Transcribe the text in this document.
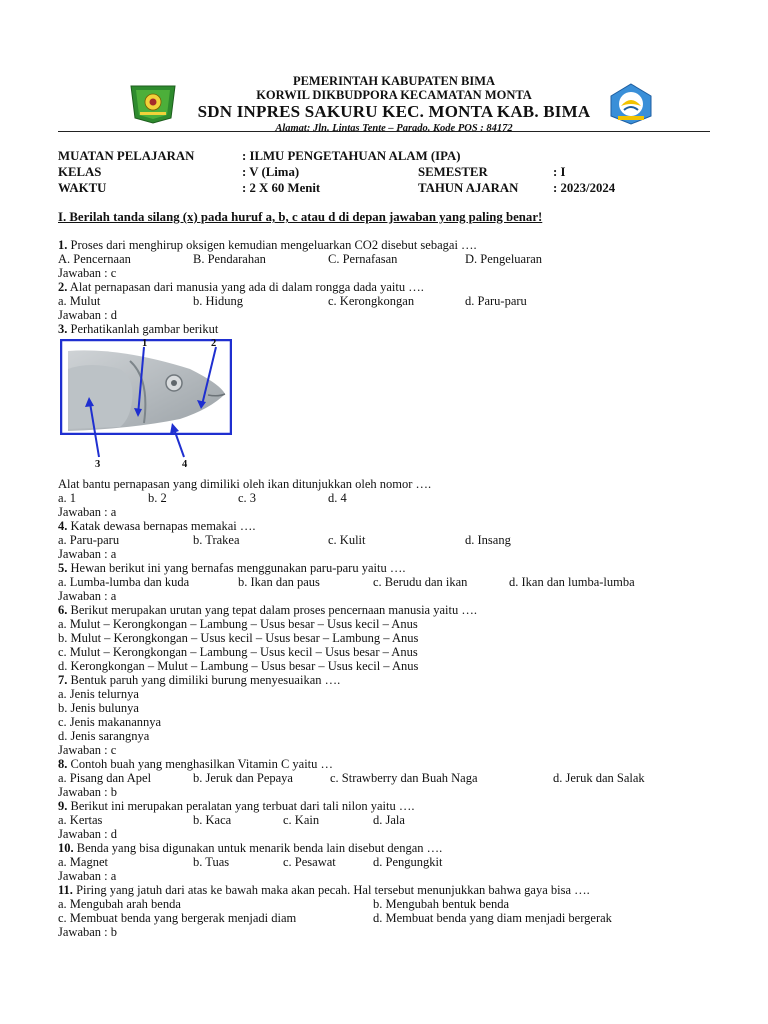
PEMERINTAH KABUPATEN BIMA
KORWIL DIKBUDPORA KECAMATAN MONTA
SDN INPRES SAKURU KEC. MONTA KAB. BIMA
Alamat: Jln. Lintas Tente – Parado. Kode POS : 84172
MUATAN PELAJARAN	: ILMU PENGETAHUAN ALAM (IPA)
KELAS	: V (Lima)	SEMESTER	: I
WAKTU	: 2 X 60 Menit	TAHUN AJARAN	: 2023/2024
I. Berilah tanda silang (x) pada huruf a, b, c atau d di depan jawaban yang paling benar!
1. Proses dari menghirup oksigen kemudian mengeluarkan CO2 disebut sebagai ….
A. Pencernaan	B. Pendarahan	C. Pernafasan	D. Pengeluaran
Jawaban : c
2. Alat pernapasan dari manusia yang ada di dalam rongga dada yaitu ….
a. Mulut	b. Hidung	c. Kerongkongan	d. Paru-paru
Jawaban : d
3. Perhatikanlah gambar berikut
1	2
3	4
Alat bantu pernapasan yang dimiliki oleh ikan ditunjukkan oleh nomor ….
a. 1	b. 2	c. 3	d. 4
Jawaban : a
4. Katak dewasa bernapas memakai ….
a. Paru-paru	b. Trakea	c. Kulit	d. Insang
Jawaban : a
5. Hewan berikut ini yang bernafas menggunakan paru-paru yaitu ….
a. Lumba-lumba dan kuda	b. Ikan dan paus	c. Berudu dan ikan	d. Ikan dan lumba-lumba
Jawaban : a
6. Berikut merupakan urutan yang tepat dalam proses pencernaan manusia yaitu ….
a. Mulut – Kerongkongan – Lambung – Usus besar – Usus kecil – Anus
b. Mulut – Kerongkongan – Usus kecil – Usus besar – Lambung – Anus
c. Mulut – Kerongkongan – Lambung – Usus kecil – Usus besar – Anus
d. Kerongkongan – Mulut – Lambung – Usus besar – Usus kecil – Anus
7. Bentuk paruh yang dimiliki burung menyesuaikan ….
a. Jenis telurnya
b. Jenis bulunya
c. Jenis makanannya
d. Jenis sarangnya
Jawaban : c
8. Contoh buah yang menghasilkan Vitamin C yaitu …
a. Pisang dan Apel	b. Jeruk dan Pepaya	c. Strawberry dan Buah Naga	d. Jeruk dan Salak
Jawaban : b
9. Berikut ini merupakan peralatan yang terbuat dari tali nilon yaitu ….
a. Kertas	b. Kaca	c. Kain	d. Jala
Jawaban : d
10. Benda yang bisa digunakan untuk menarik benda lain disebut dengan ….
a. Magnet	b. Tuas	c. Pesawat	d. Pengungkit
Jawaban : a
11. Piring yang jatuh dari atas ke bawah maka akan pecah. Hal tersebut menunjukkan bahwa gaya bisa ….
a. Mengubah arah benda	b. Mengubah bentuk benda
c. Membuat benda yang bergerak menjadi diam	d. Membuat benda yang diam menjadi bergerak
Jawaban : b
